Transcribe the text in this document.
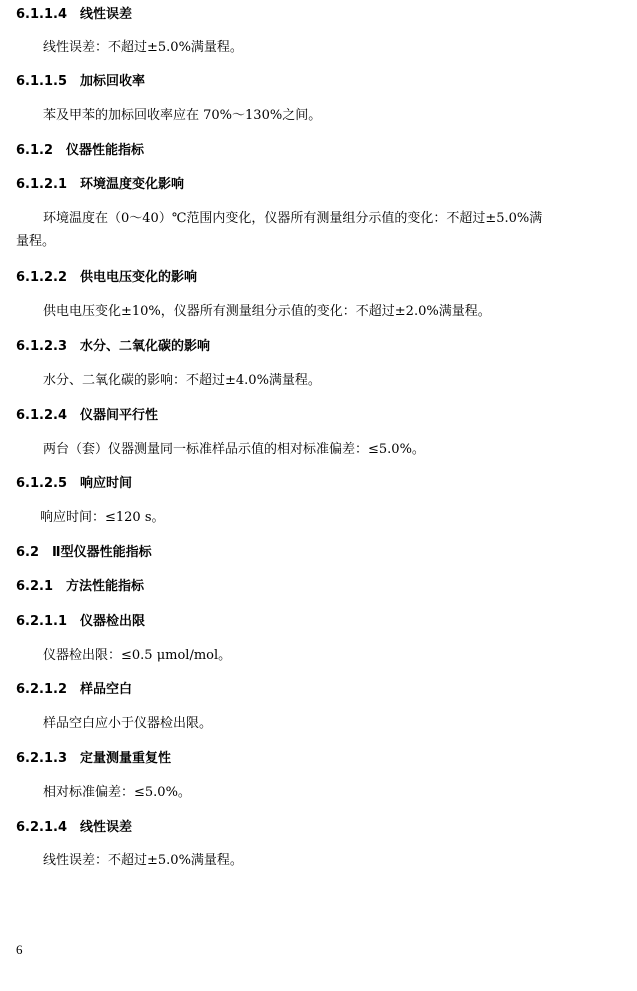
6.1.1.4　线性误差
线性误差：不超过±5.0%满量程。
6.1.1.5　加标回收率
苯及甲苯的加标回收率应在 70%～130%之间。
6.1.2　仪器性能指标
6.1.2.1　环境温度变化影响
环境温度在（0～40）℃范围内变化，仪器所有测量组分示值的变化：不超过±5.0%满
量程。
6.1.2.2　供电电压变化的影响
供电电压变化±10%，仪器所有测量组分示值的变化：不超过±2.0%满量程。
6.1.2.3　水分、二氧化碳的影响
水分、二氧化碳的影响：不超过±4.0%满量程。
6.1.2.4　仪器间平行性
两台（套）仪器测量同一标准样品示值的相对标准偏差：≤5.0%。
6.1.2.5　响应时间
响应时间：≤120 s。
6.2　Ⅱ型仪器性能指标
6.2.1　方法性能指标
6.2.1.1　仪器检出限
仪器检出限：≤0.5 μmol/mol。
6.2.1.2　样品空白
样品空白应小于仪器检出限。
6.2.1.3　定量测量重复性
相对标准偏差：≤5.0%。
6.2.1.4　线性误差
线性误差：不超过±5.0%满量程。
6
